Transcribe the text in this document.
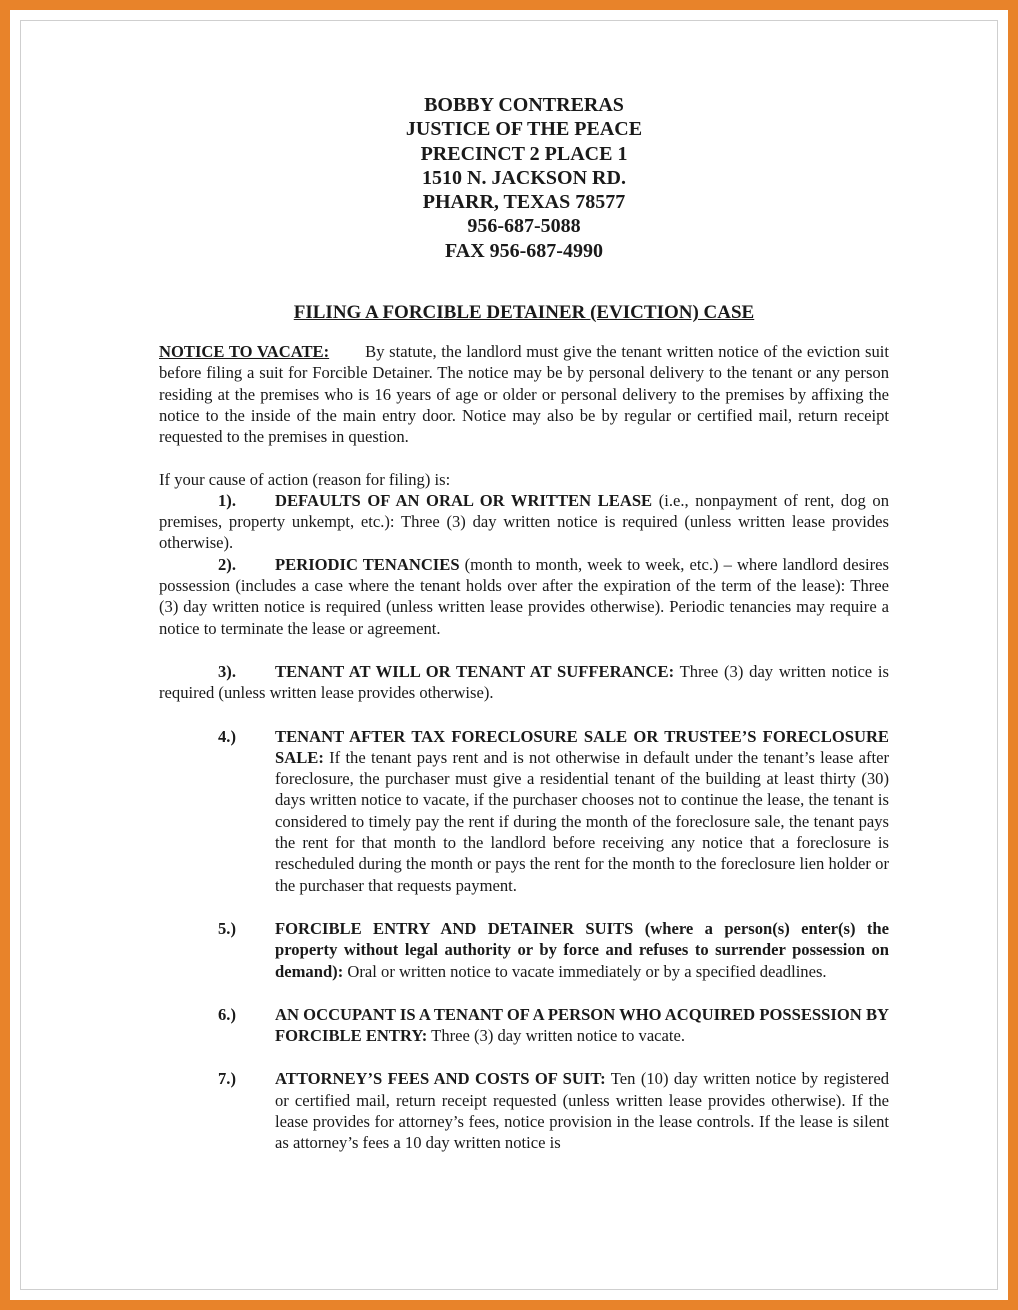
BOBBY CONTRERAS
JUSTICE OF THE PEACE
PRECINCT 2 PLACE 1
1510 N. JACKSON RD.
PHARR, TEXAS 78577
956-687-5088
FAX 956-687-4990
FILING A FORCIBLE DETAINER (EVICTION) CASE

NOTICE TO VACATE: By statute, the landlord must give the tenant written notice of the eviction suit before filing a suit for Forcible Detainer. The notice may be by personal delivery to the tenant or any person residing at the premises who is 16 years of age or older or personal delivery to the premises by affixing the notice to the inside of the main entry door. Notice may also be by regular or certified mail, return receipt requested to the premises in question.

If your cause of action (reason for filing) is:

1). DEFAULTS OF AN ORAL OR WRITTEN LEASE (i.e., nonpayment of rent, dog on premises, property unkempt, etc.): Three (3) day written notice is required (unless written lease provides otherwise).

2). PERIODIC TENANCIES (month to month, week to week, etc.) – where landlord desires possession (includes a case where the tenant holds over after the expiration of the term of the lease): Three (3) day written notice is required (unless written lease provides otherwise). Periodic tenancies may require a notice to terminate the lease or agreement.

3). TENANT AT WILL OR TENANT AT SUFFERANCE: Three (3) day written notice is required (unless written lease provides otherwise).

4.)	TENANT AFTER TAX FORECLOSURE SALE OR TRUSTEE’S FORECLOSURE SALE: If the tenant pays rent and is not otherwise in default under the tenant’s lease after foreclosure, the purchaser must give a residential tenant of the building at least thirty (30) days written notice to vacate, if the purchaser chooses not to continue the lease, the tenant is considered to timely pay the rent if during the month of the foreclosure sale, the tenant pays the rent for that month to the landlord before receiving any notice that a foreclosure is rescheduled during the month or pays the rent for the month to the foreclosure lien holder or the purchaser that requests payment.
5.)	FORCIBLE ENTRY AND DETAINER SUITS (where a person(s) enter(s) the property without legal authority or by force and refuses to surrender possession on demand): Oral or written notice to vacate immediately or by a specified deadlines.
6.)	AN OCCUPANT IS A TENANT OF A PERSON WHO ACQUIRED POSSESSION BY FORCIBLE ENTRY: Three (3) day written notice to vacate.
7.)	ATTORNEY’S FEES AND COSTS OF SUIT: Ten (10) day written notice by registered or certified mail, return receipt requested (unless written lease provides otherwise). If the lease provides for attorney’s fees, notice provision in the lease controls. If the lease is silent as attorney’s fees a 10 day written notice is
